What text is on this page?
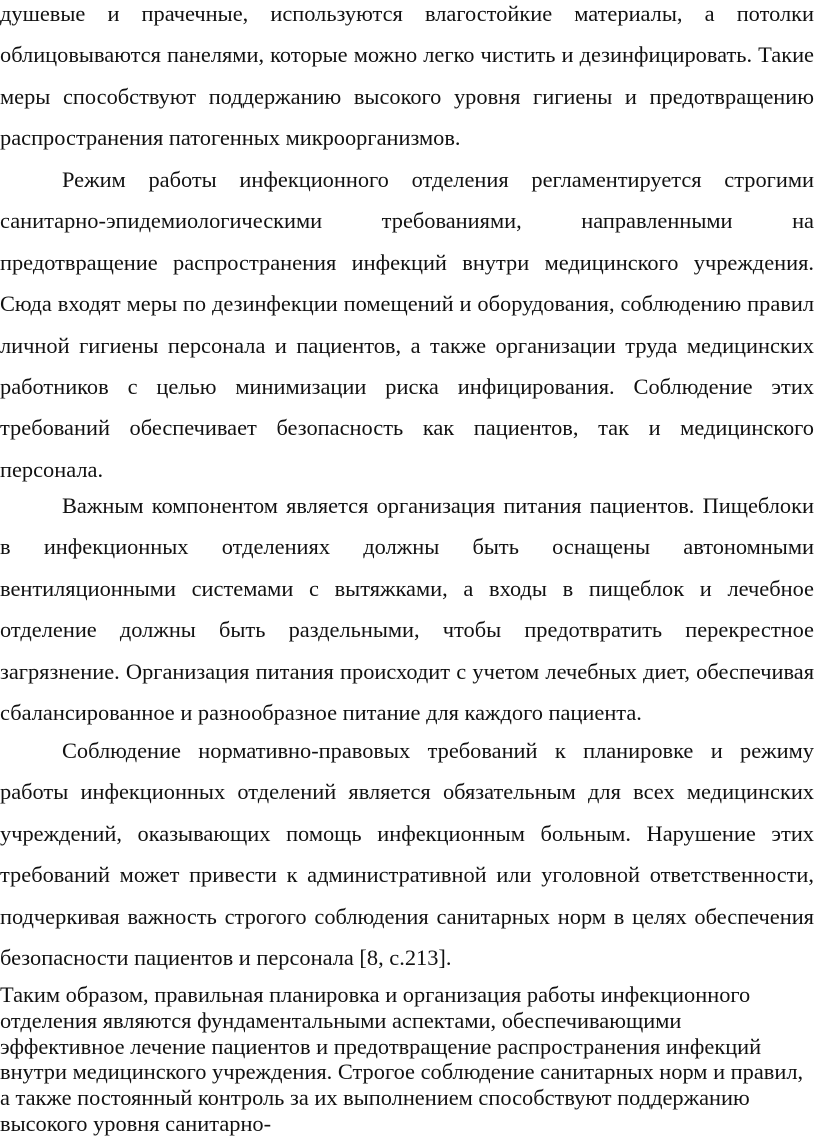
душевые и прачечные, используются влагостойкие материалы, а потолки облицовываются панелями, которые можно легко чистить и дезинфицировать. Такие меры способствуют поддержанию высокого уровня гигиены и предотвращению распространения патогенных микроорганизмов.

Режим работы инфекционного отделения регламентируется строгими санитарно-эпидемиологическими требованиями, направленными на предотвращение распространения инфекций внутри медицинского учреждения. Сюда входят меры по дезинфекции помещений и оборудования, соблюдению правил личной гигиены персонала и пациентов, а также организации труда медицинских работников с целью минимизации риска инфицирования. Соблюдение этих требований обеспечивает безопасность как пациентов, так и медицинского персонала.

Важным компонентом является организация питания пациентов. Пищеблоки в инфекционных отделениях должны быть оснащены автономными вентиляционными системами с вытяжками, а входы в пищеблок и лечебное отделение должны быть раздельными, чтобы предотвратить перекрестное загрязнение. Организация питания происходит с учетом лечебных диет, обеспечивая сбалансированное и разнообразное питание для каждого пациента.

Соблюдение нормативно-правовых требований к планировке и режиму работы инфекционных отделений является обязательным для всех медицинских учреждений, оказывающих помощь инфекционным больным. Нарушение этих требований может привести к административной или уголовной ответственности, подчеркивая важность строгого соблюдения санитарных норм в целях обеспечения безопасности пациентов и персонала [8, с.213].

Таким образом, правильная планировка и организация работы инфекционного отделения являются фундаментальными аспектами, обеспечивающими эффективное лечение пациентов и предотвращение распространения инфекций внутри медицинского учреждения. Строгое соблюдение санитарных норм и правил, а также постоянный контроль за их выполнением способствуют поддержанию высокого уровня санитарно-
